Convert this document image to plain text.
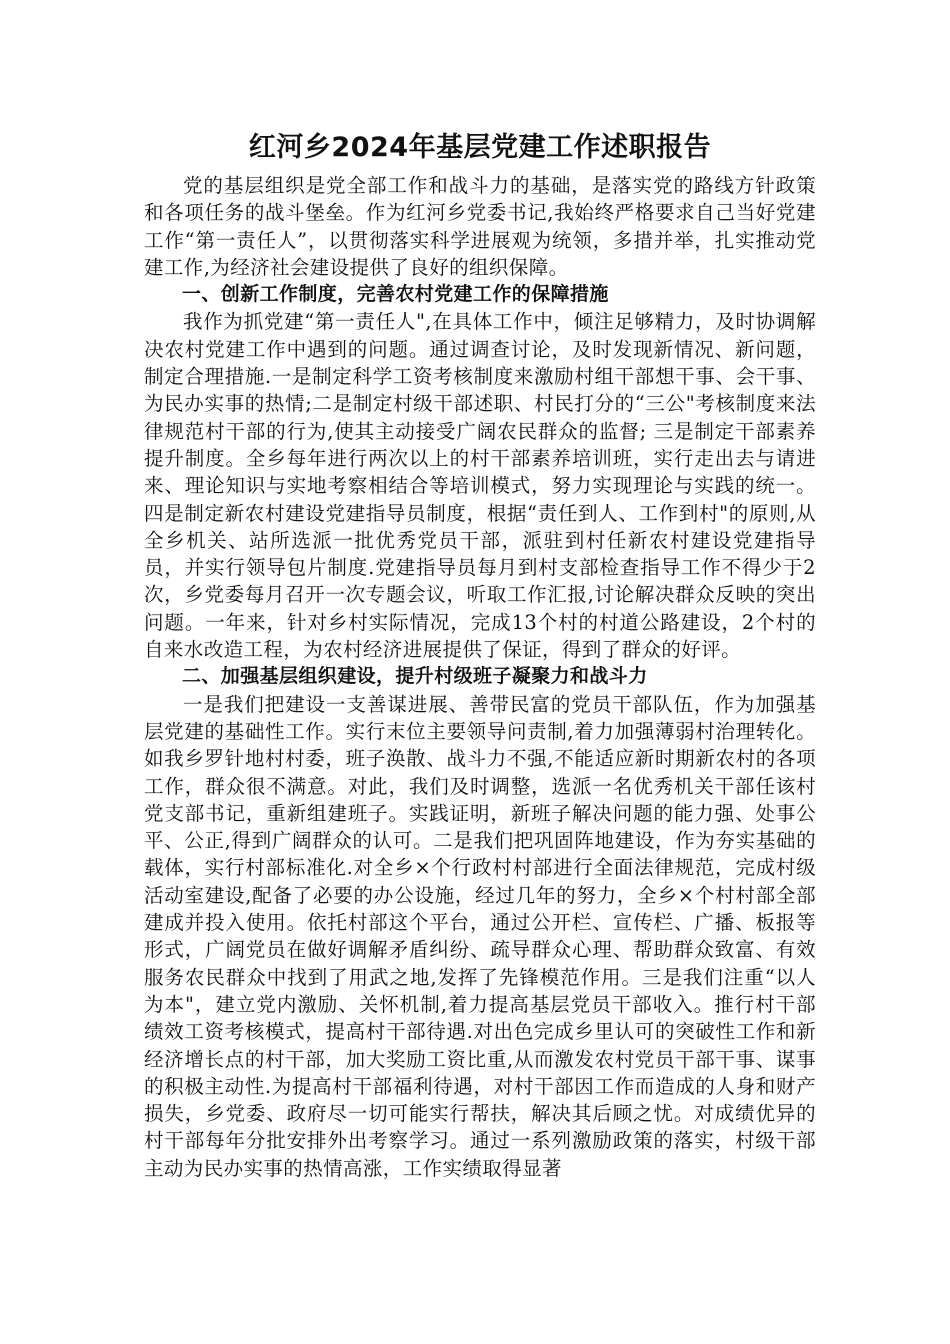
红河乡2024年基层党建工作述职报告

党的基层组织是党全部工作和战斗力的基础，是落实党的路线方针政策和各项任务的战斗堡垒。作为红河乡党委书记,我始终严格要求自己当好党建工作“第一责任人”，以贯彻落实科学进展观为统领，多措并举，扎实推动党建工作,为经济社会建设提供了良好的组织保障。

一、创新工作制度，完善农村党建工作的保障措施

我作为抓党建“第一责任人",在具体工作中，倾注足够精力，及时协调解决农村党建工作中遇到的问题。通过调查讨论，及时发现新情况、新问题，制定合理措施.一是制定科学工资考核制度来激励村组干部想干事、会干事、为民办实事的热情;二是制定村级干部述职、村民打分的“三公"考核制度来法律规范村干部的行为,使其主动接受广阔农民群众的监督; 三是制定干部素养提升制度。全乡每年进行两次以上的村干部素养培训班，实行走出去与请进来、理论知识与实地考察相结合等培训模式，努力实现理论与实践的统一。四是制定新农村建设党建指导员制度，根据“责任到人、工作到村"的原则,从全乡机关、站所选派一批优秀党员干部，派驻到村任新农村建设党建指导员，并实行领导包片制度.党建指导员每月到村支部检查指导工作不得少于2次，乡党委每月召开一次专题会议，听取工作汇报,讨论解决群众反映的突出问题。一年来，针对乡村实际情况，完成13个村的村道公路建设，2个村的自来水改造工程，为农村经济进展提供了保证，得到了群众的好评。

二、加强基层组织建设，提升村级班子凝聚力和战斗力

一是我们把建设一支善谋进展、善带民富的党员干部队伍，作为加强基层党建的基础性工作。实行末位主要领导问责制,着力加强薄弱村治理转化。如我乡罗针地村村委，班子涣散、战斗力不强,不能适应新时期新农村的各项工作，群众很不满意。对此，我们及时调整，选派一名优秀机关干部任该村党支部书记，重新组建班子。实践证明，新班子解决问题的能力强、处事公平、公正,得到广阔群众的认可。二是我们把巩固阵地建设，作为夯实基础的载体，实行村部标准化.对全乡×个行政村村部进行全面法律规范，完成村级活动室建设,配备了必要的办公设施，经过几年的努力，全乡×个村村部全部建成并投入使用。依托村部这个平台，通过公开栏、宣传栏、广播、板报等形式，广阔党员在做好调解矛盾纠纷、疏导群众心理、帮助群众致富、有效服务农民群众中找到了用武之地,发挥了先锋模范作用。三是我们注重“以人为本"，建立党内激励、关怀机制,着力提高基层党员干部收入。推行村干部绩效工资考核模式，提高村干部待遇.对出色完成乡里认可的突破性工作和新经济增长点的村干部，加大奖励工资比重,从而激发农村党员干部干事、谋事的积极主动性.为提高村干部福利待遇，对村干部因工作而造成的人身和财产损失，乡党委、政府尽一切可能实行帮扶，解决其后顾之忧。对成绩优异的村干部每年分批安排外出考察学习。通过一系列激励政策的落实，村级干部主动为民办实事的热情高涨，工作实绩取得显著
